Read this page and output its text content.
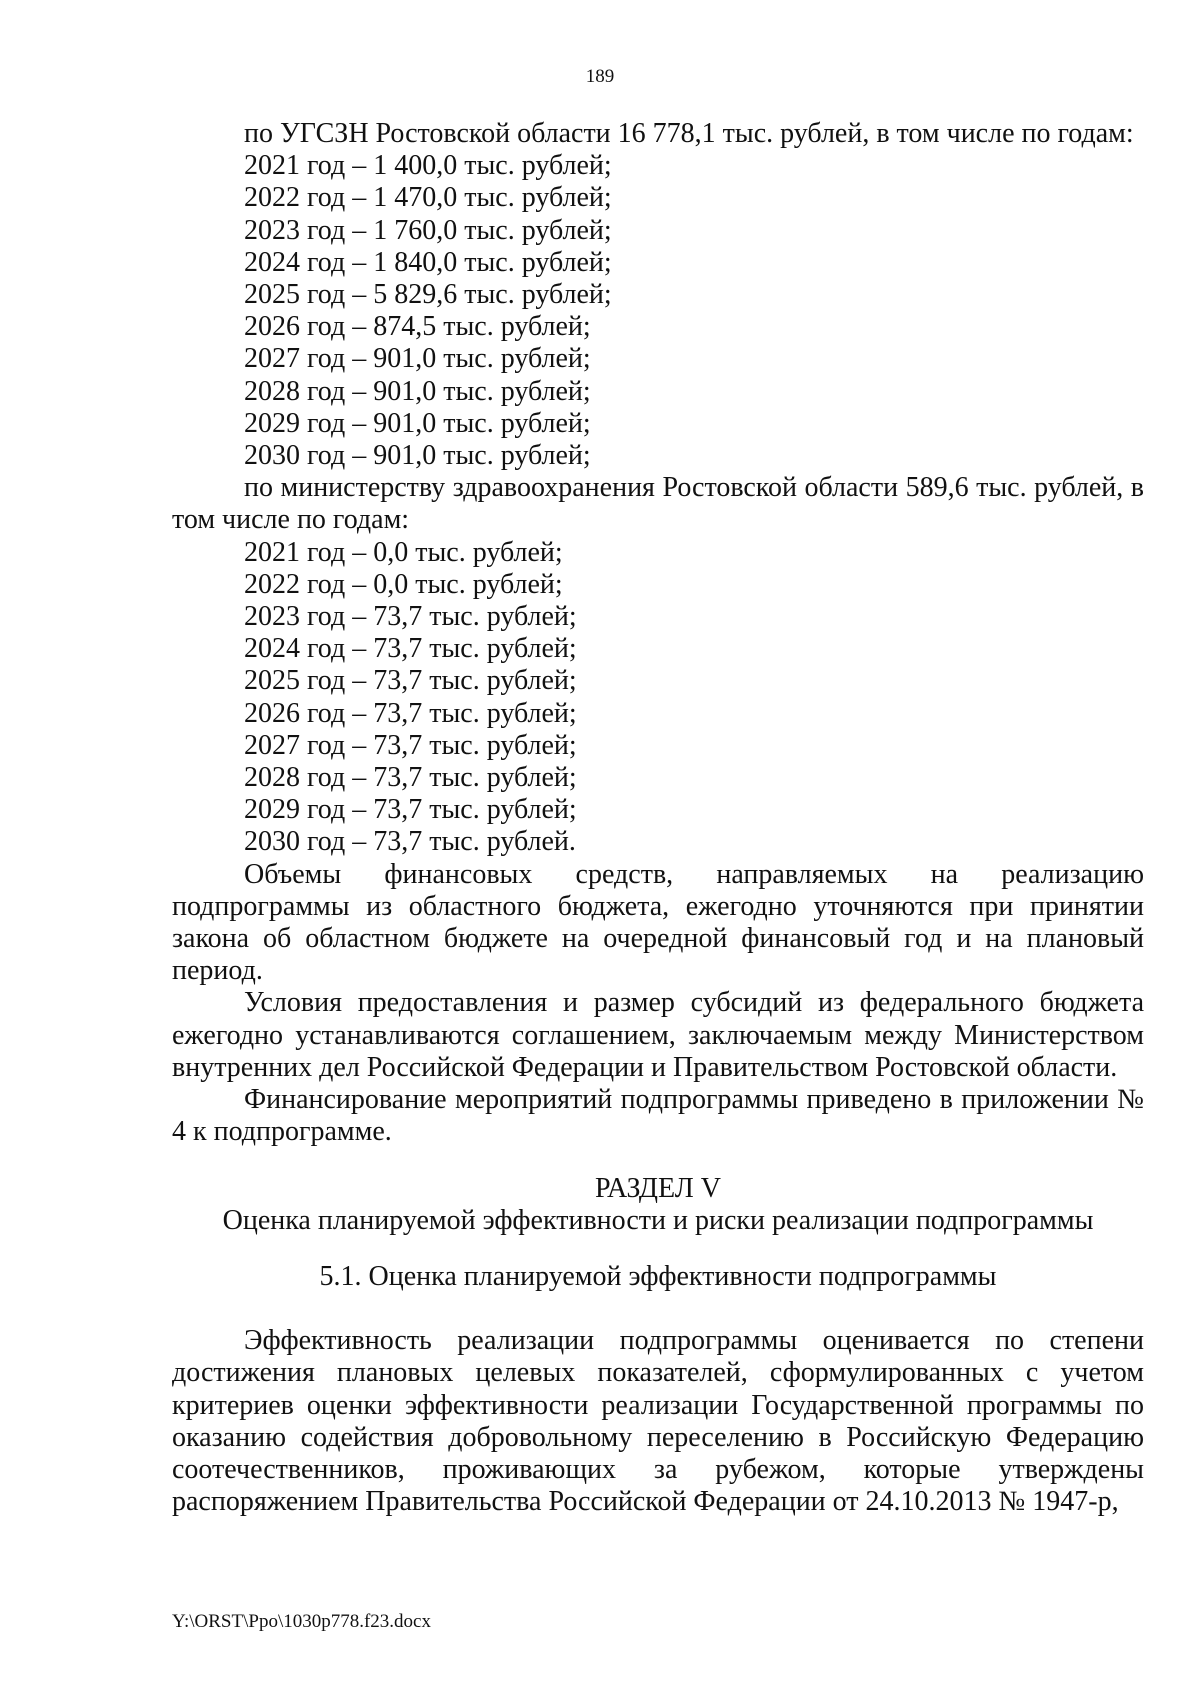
189
по УГСЗН Ростовской области 16 778,1 тыс. рублей, в том числе по годам:
2021 год – 1 400,0 тыс. рублей;
2022 год – 1 470,0 тыс. рублей;
2023 год – 1 760,0 тыс. рублей;
2024 год – 1 840,0 тыс. рублей;
2025 год – 5 829,6 тыс. рублей;
2026 год – 874,5 тыс. рублей;
2027 год – 901,0 тыс. рублей;
2028 год – 901,0 тыс. рублей;
2029 год – 901,0 тыс. рублей;
2030 год – 901,0 тыс. рублей;
по министерству здравоохранения Ростовской области 589,6 тыс. рублей, в том числе по годам:
2021 год – 0,0 тыс. рублей;
2022 год – 0,0 тыс. рублей;
2023 год – 73,7 тыс. рублей;
2024 год – 73,7 тыс. рублей;
2025 год – 73,7 тыс. рублей;
2026 год – 73,7 тыс. рублей;
2027 год – 73,7 тыс. рублей;
2028 год – 73,7 тыс. рублей;
2029 год – 73,7 тыс. рублей;
2030 год – 73,7 тыс. рублей.
Объемы финансовых средств, направляемых на реализацию подпрограммы из областного бюджета, ежегодно уточняются при принятии закона об областном бюджете на очередной финансовый год и на плановый период.
Условия предоставления и размер субсидий из федерального бюджета ежегодно устанавливаются соглашением, заключаемым между Министерством внутренних дел Российской Федерации и Правительством Ростовской области.
Финансирование мероприятий подпрограммы приведено в приложении № 4 к подпрограмме.
РАЗДЕЛ V
Оценка планируемой эффективности и риски реализации подпрограммы
5.1. Оценка планируемой эффективности подпрограммы
Эффективность реализации подпрограммы оценивается по степени достижения плановых целевых показателей, сформулированных с учетом критериев оценки эффективности реализации Государственной программы по оказанию содействия добровольному переселению в Российскую Федерацию соотечественников, проживающих за рубежом, которые утверждены распоряжением Правительства Российской Федерации от 24.10.2013 № 1947-р,
Y:\ORST\Ppo\1030p778.f23.docx
